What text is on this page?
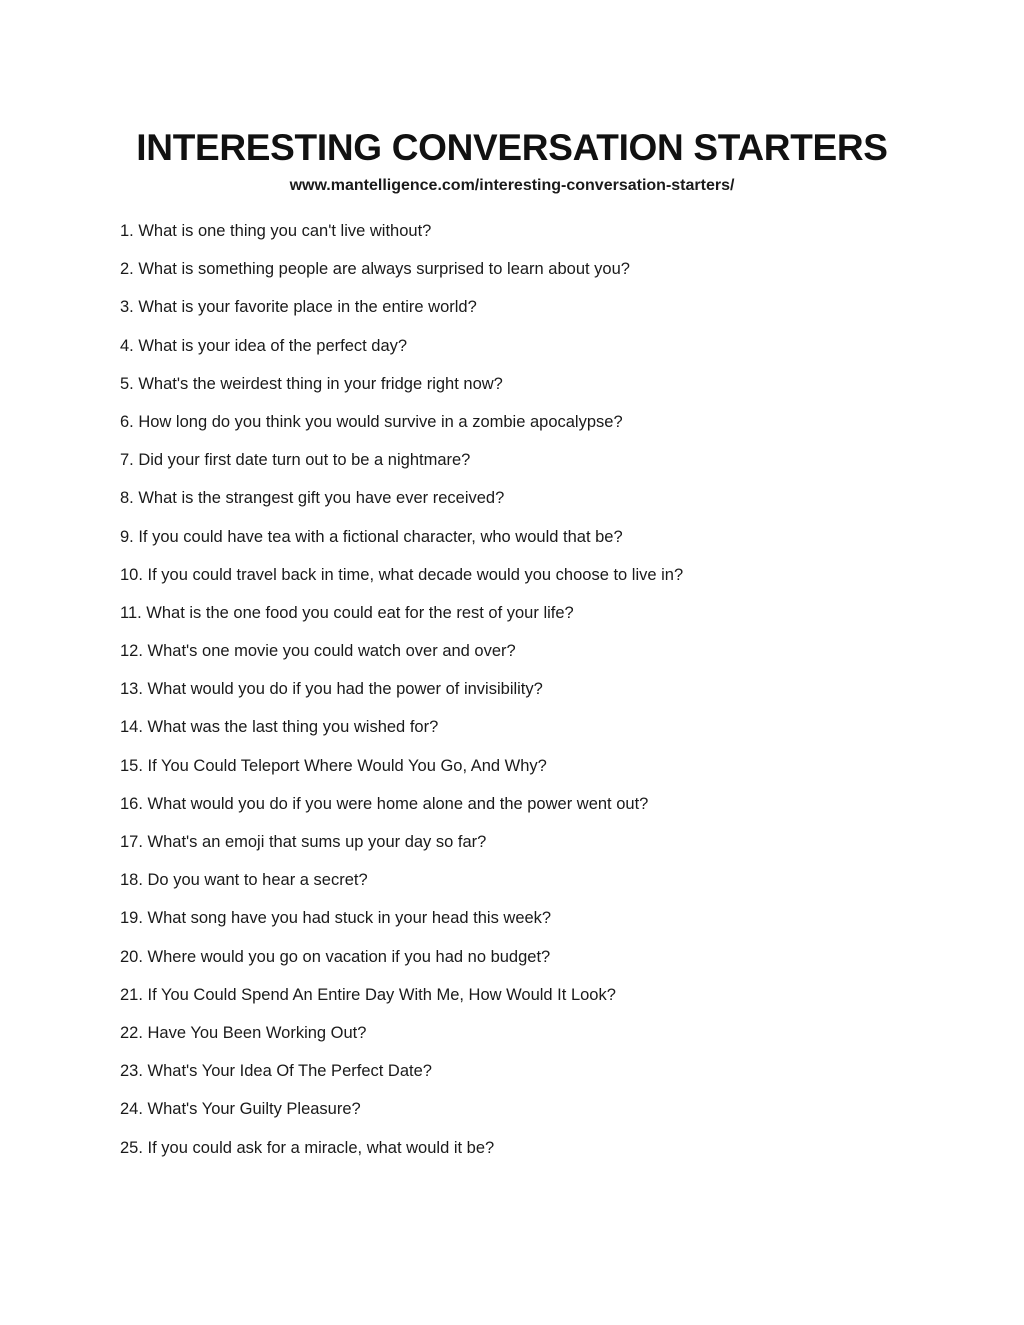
INTERESTING CONVERSATION STARTERS
www.mantelligence.com/interesting-conversation-starters/
1. What is one thing you can't live without?
2. What is something people are always surprised to learn about you?
3. What is your favorite place in the entire world?
4. What is your idea of the perfect day?
5. What's the weirdest thing in your fridge right now?
6. How long do you think you would survive in a zombie apocalypse?
7. Did your first date turn out to be a nightmare?
8. What is the strangest gift you have ever received?
9. If you could have tea with a fictional character, who would that be?
10. If you could travel back in time, what decade would you choose to live in?
11. What is the one food you could eat for the rest of your life?
12. What's one movie you could watch over and over?
13. What would you do if you had the power of invisibility?
14. What was the last thing you wished for?
15. If You Could Teleport Where Would You Go, And Why?
16. What would you do if you were home alone and the power went out?
17. What's an emoji that sums up your day so far?
18. Do you want to hear a secret?
19. What song have you had stuck in your head this week?
20. Where would you go on vacation if you had no budget?
21. If You Could Spend An Entire Day With Me, How Would It Look?
22. Have You Been Working Out?
23. What's Your Idea Of The Perfect Date?
24. What's Your Guilty Pleasure?
25. If you could ask for a miracle, what would it be?
